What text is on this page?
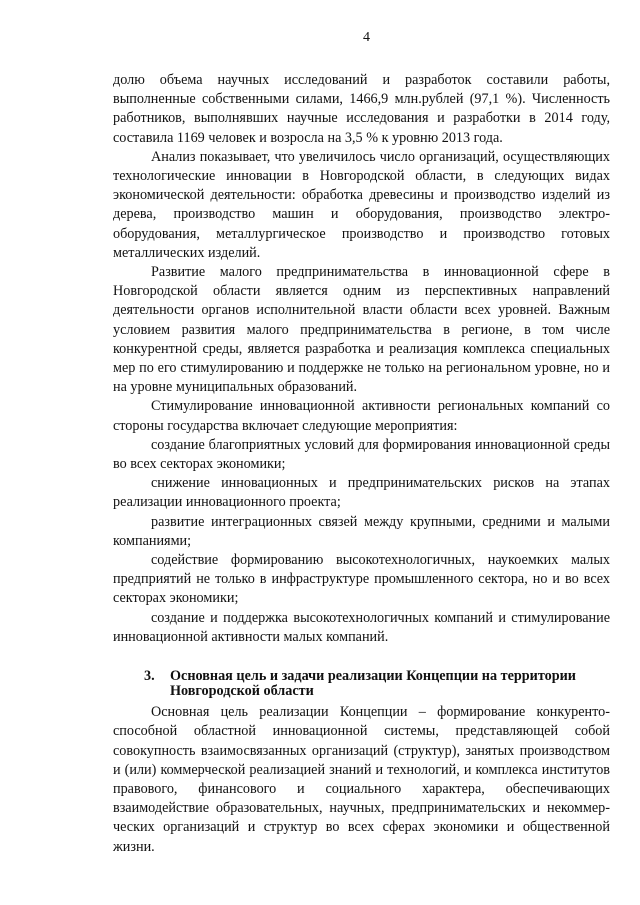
4

долю объема научных исследований и разработок составили работы, выполненные собственными силами, 1466,9 млн.рублей (97,1 %). Численность работников, выполнявших научные исследования и разработки в 2014 году, составила 1169 человек и возросла на 3,5 % к уровню 2013 года.

Анализ показывает, что увеличилось число организаций, осуществляющих технологические инновации в Новгородской области, в следующих видах экономической деятельности: обработка древесины и производство изделий из дерева, производство машин и оборудования, производство электрооборудования, металлургическое производство и производство готовых металлических изделий.

Развитие малого предпринимательства в инновационной сфере в Новгородской области является одним из перспективных направлений деятельности органов исполнительной власти области всех уровней. Важным условием развития малого предпринимательства в регионе, в том числе конкурентной среды, является разработка и реализация комплекса специальных мер по его стимулированию и поддержке не только на региональном уровне, но и на уровне муниципальных образований.

Стимулирование инновационной активности региональных компаний со стороны государства включает следующие мероприятия:

создание благоприятных условий для формирования инновационной среды во всех секторах экономики;

снижение инновационных и предпринимательских рисков на этапах реализации инновационного проекта;

развитие интеграционных связей между крупными, средними и малыми компаниями;

содействие формированию высокотехнологичных, наукоемких малых предприятий не только в инфраструктуре промышленного сектора, но и во всех секторах экономики;

создание и поддержка высокотехнологичных компаний и стимулирование инновационной активности малых компаний.

3.	Основная цель и задачи реализации Концепции на территории Новгородской области

Основная цель реализации Концепции – формирование конкурентоспособной областной инновационной системы, представляющей собой совокупность взаимосвязанных организаций (структур), занятых производством и (или) коммерческой реализацией знаний и технологий, и комплекса институтов правового, финансового и социального характера, обеспечивающих взаимодействие образовательных, научных, предпринимательских и некоммерческих организаций и структур во всех сферах экономики и общественной жизни.
